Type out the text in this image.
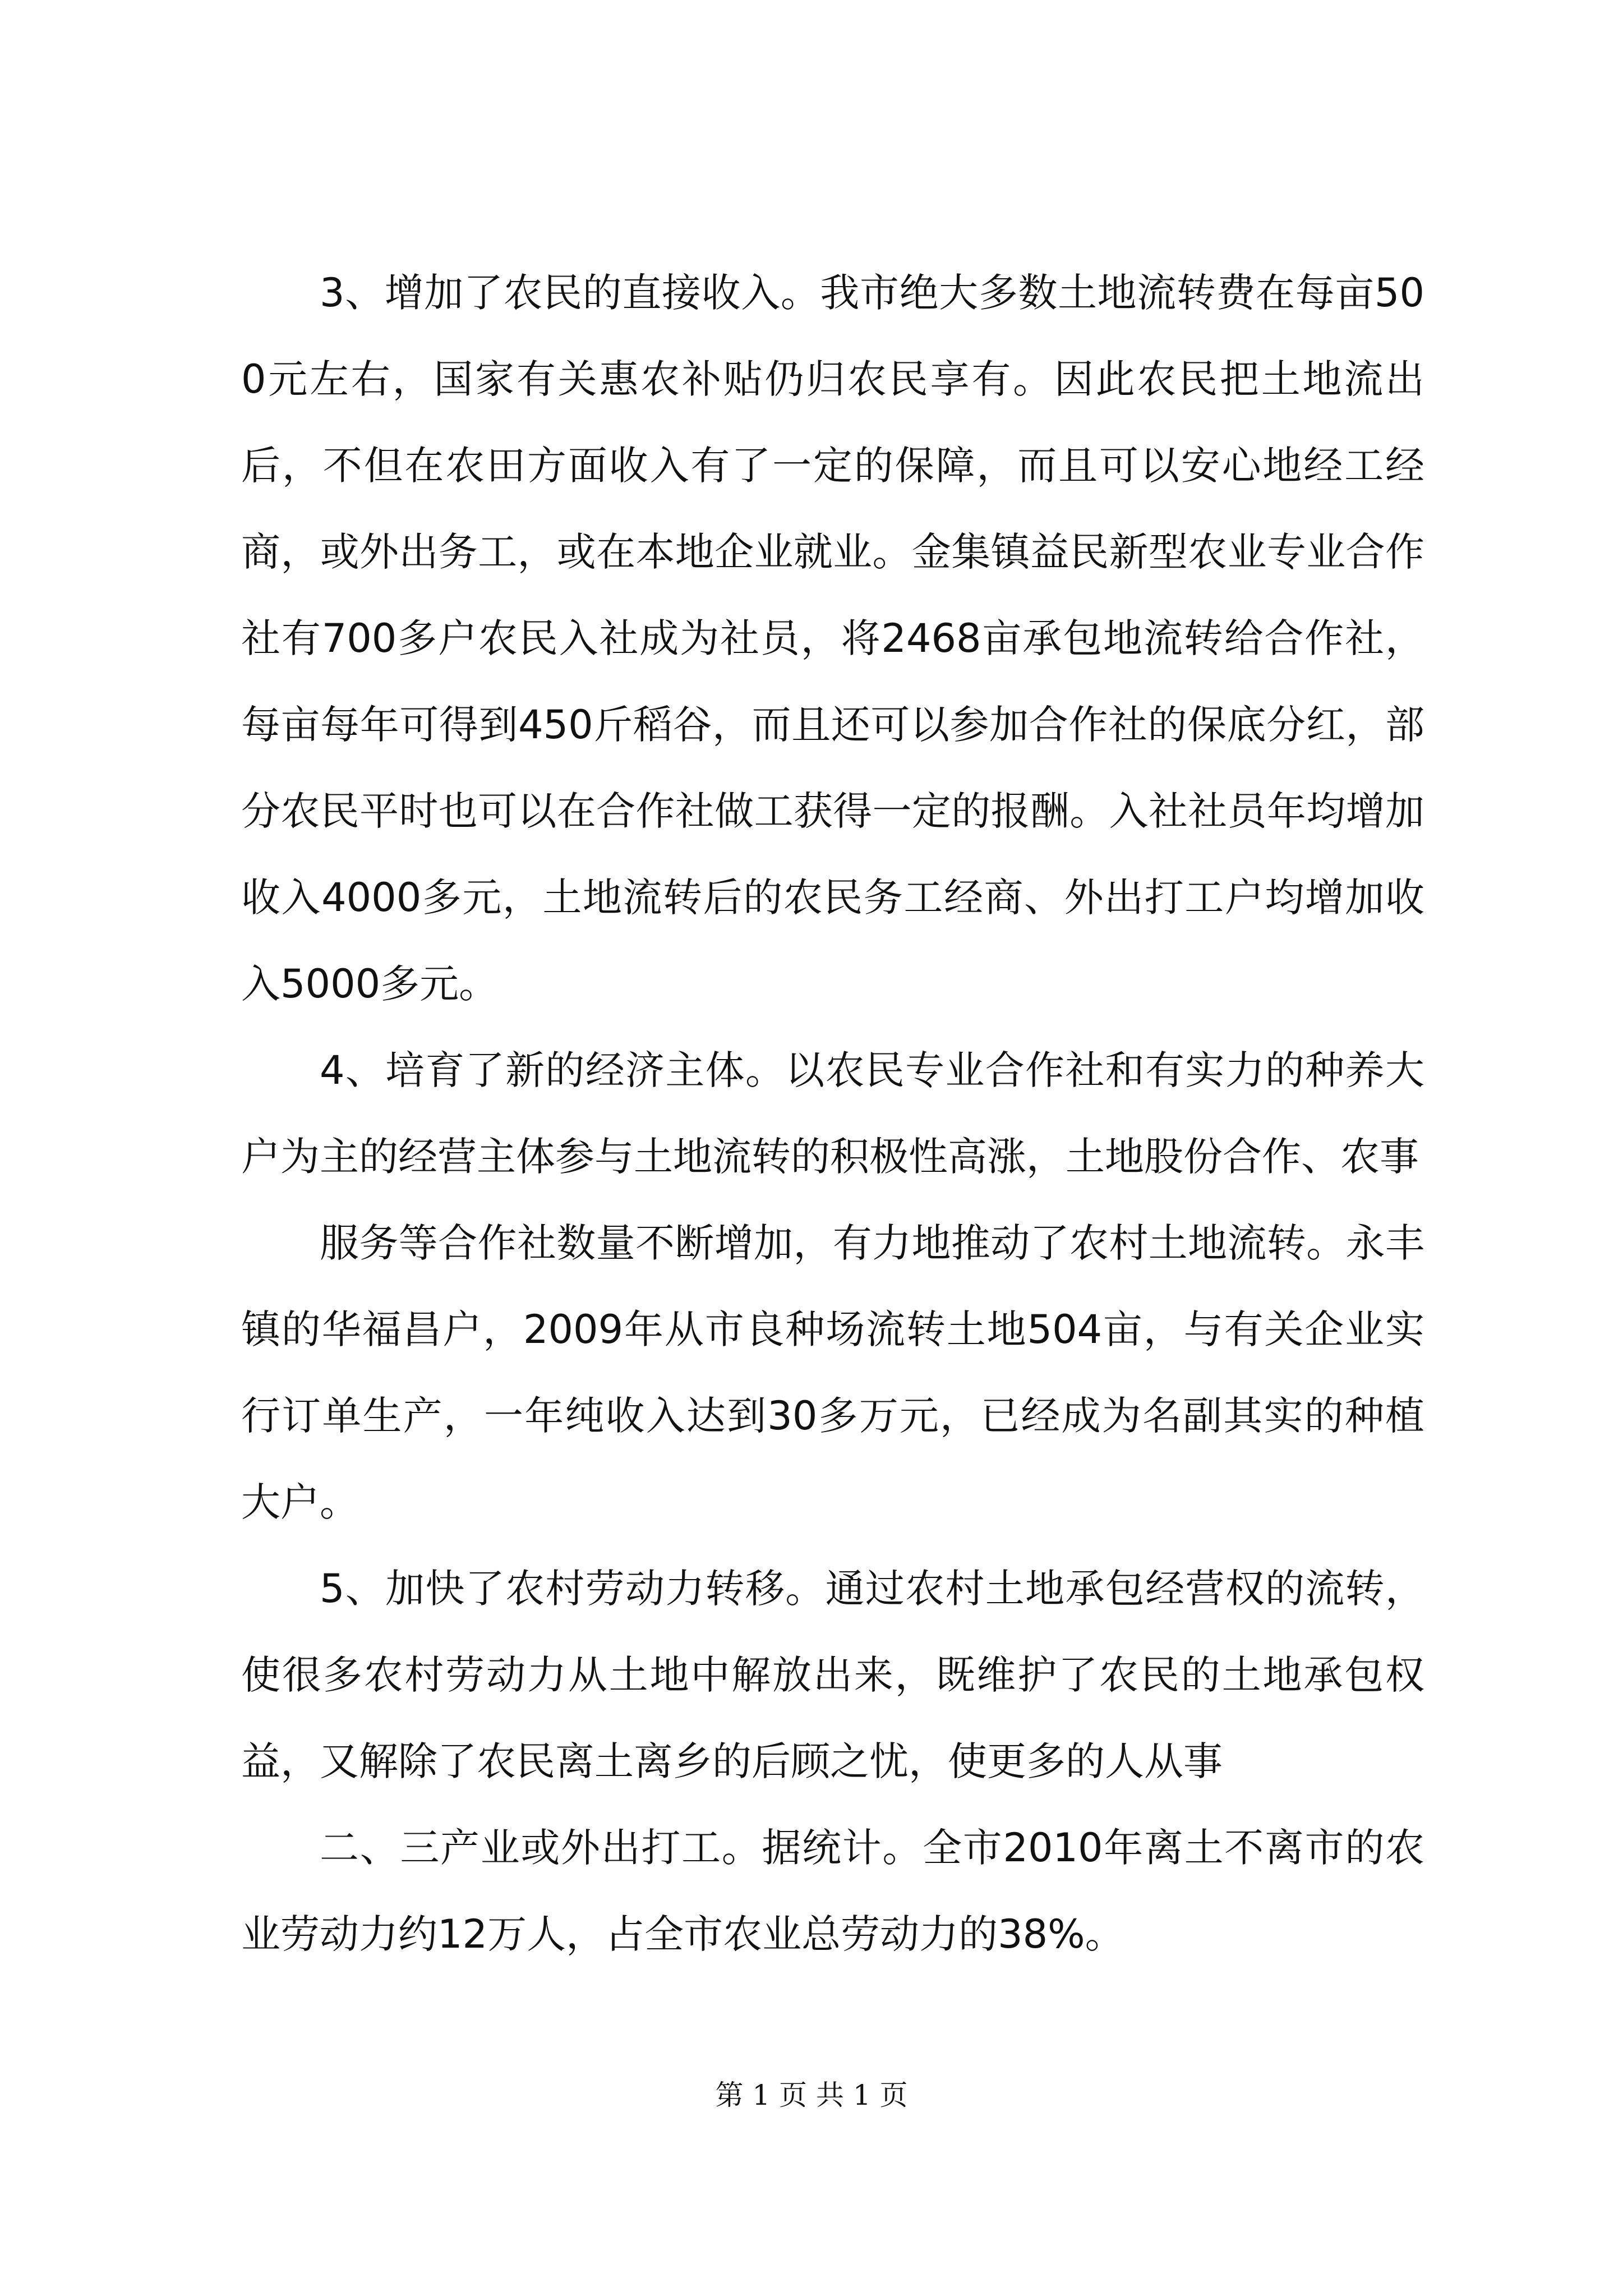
3、增加了农民的直接收入。我市绝大多数土地流转费在每亩500元左右，国家有关惠农补贴仍归农民享有。因此农民把土地流出后，不但在农田方面收入有了一定的保障，而且可以安心地经工经商，或外出务工，或在本地企业就业。金集镇益民新型农业专业合作社有700多户农民入社成为社员，将2468亩承包地流转给合作社，每亩每年可得到450斤稻谷，而且还可以参加合作社的保底分红，部分农民平时也可以在合作社做工获得一定的报酬。入社社员年均增加收入4000多元，土地流转后的农民务工经商、外出打工户均增加收入5000多元。

4、培育了新的经济主体。以农民专业合作社和有实力的种养大户为主的经营主体参与土地流转的积极性高涨，土地股份合作、农事

服务等合作社数量不断增加，有力地推动了农村土地流转。永丰镇的华福昌户，2009年从市良种场流转土地504亩，与有关企业实行订单生产，一年纯收入达到30多万元，已经成为名副其实的种植大户。

5、加快了农村劳动力转移。通过农村土地承包经营权的流转，使很多农村劳动力从土地中解放出来，既维护了农民的土地承包权益，又解除了农民离土离乡的后顾之忧，使更多的人从事

二、三产业或外出打工。据统计。全市2010年离土不离市的农业劳动力约12万人，占全市农业总劳动力的38%。

第 1 页 共 1 页
